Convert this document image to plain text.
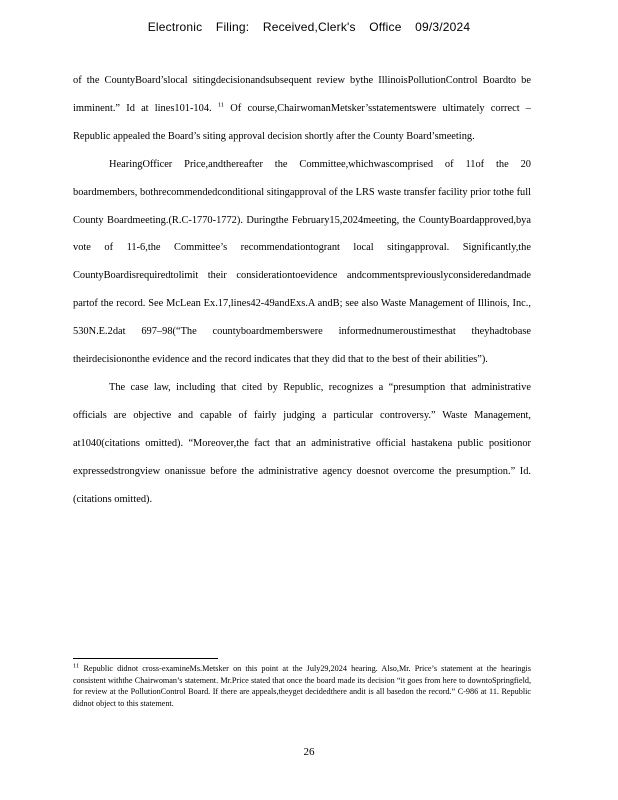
Electronic Filing: Received,Clerk's Office 09/3/2024

of the CountyBoard’slocal sitingdecisionandsubsequent review bythe IllinoisPollutionControl Boardto be imminent.” Id at lines101-104. $^{11}$ Of course,ChairwomanMetsker’sstatementswere ultimately correct – Republic appealed the Board’s siting approval decision shortly after the County Board’smeeting.

HearingOfficer Price,andthereafter the Committee,whichwascomprised of 11of the 20 boardmembers, bothrecommendedconditional sitingapproval of the LRS waste transfer facility prior tothe full County Boardmeeting.(R.C-1770-1772). Duringthe February15,2024meeting, the CountyBoardapproved,bya vote of 11-6,the Committee’s recommendationtogrant local sitingapproval. Significantly,the CountyBoardisrequiredtolimit their considerationtoevidence andcommentspreviouslyconsideredandmade partof the record. See McLean Ex.17,lines42-49andExs.A andB; see also Waste Management of Illinois, Inc., 530N.E.2dat 697–98(“The countyboardmemberswere informednumeroustimesthat theyhadtobase theirdecisiononthe evidence and the record indicates that they did that to the best of their abilities”).

The case law, including that cited by Republic, recognizes a “presumption that administrative officials are objective and capable of fairly judging a particular controversy.” Waste Management, at1040(citations omitted). “Moreover,the fact that an administrative official hastakena public positionor expressedstrongview onanissue before the administrative agency doesnot overcome the presumption.” Id. (citations omitted).

$^{11}$ Republic didnot cross-examineMs.Metsker on this point at the July29,2024 hearing. Also,Mr. Price’s statement at the hearingis consistent withthe Chairwoman’s statement. Mr.Price stated that once the board made its decision “it goes from here to downtoSpringfield, for review at the PollutionControl Board. If there are appeals,theyget decidedthere andit is all basedon the record.” C-986 at 11. Republic didnot object to this statement.
26
